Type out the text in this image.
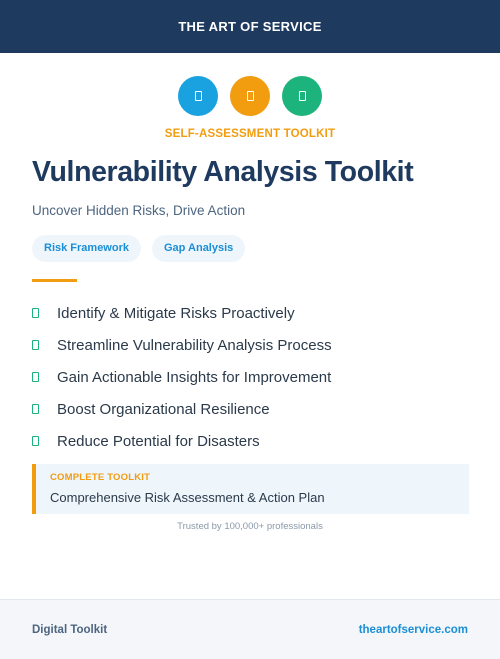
THE ART OF SERVICE
SELF-ASSESSMENT TOOLKIT
Vulnerability Analysis Toolkit
Uncover Hidden Risks, Drive Action
Risk Framework	Gap Analysis
Identify & Mitigate Risks Proactively
Streamline Vulnerability Analysis Process
Gain Actionable Insights for Improvement
Boost Organizational Resilience
Reduce Potential for Disasters
COMPLETE TOOLKIT
Comprehensive Risk Assessment & Action Plan
Trusted by 100,000+ professionals
Digital Toolkit	theartofservice.com
